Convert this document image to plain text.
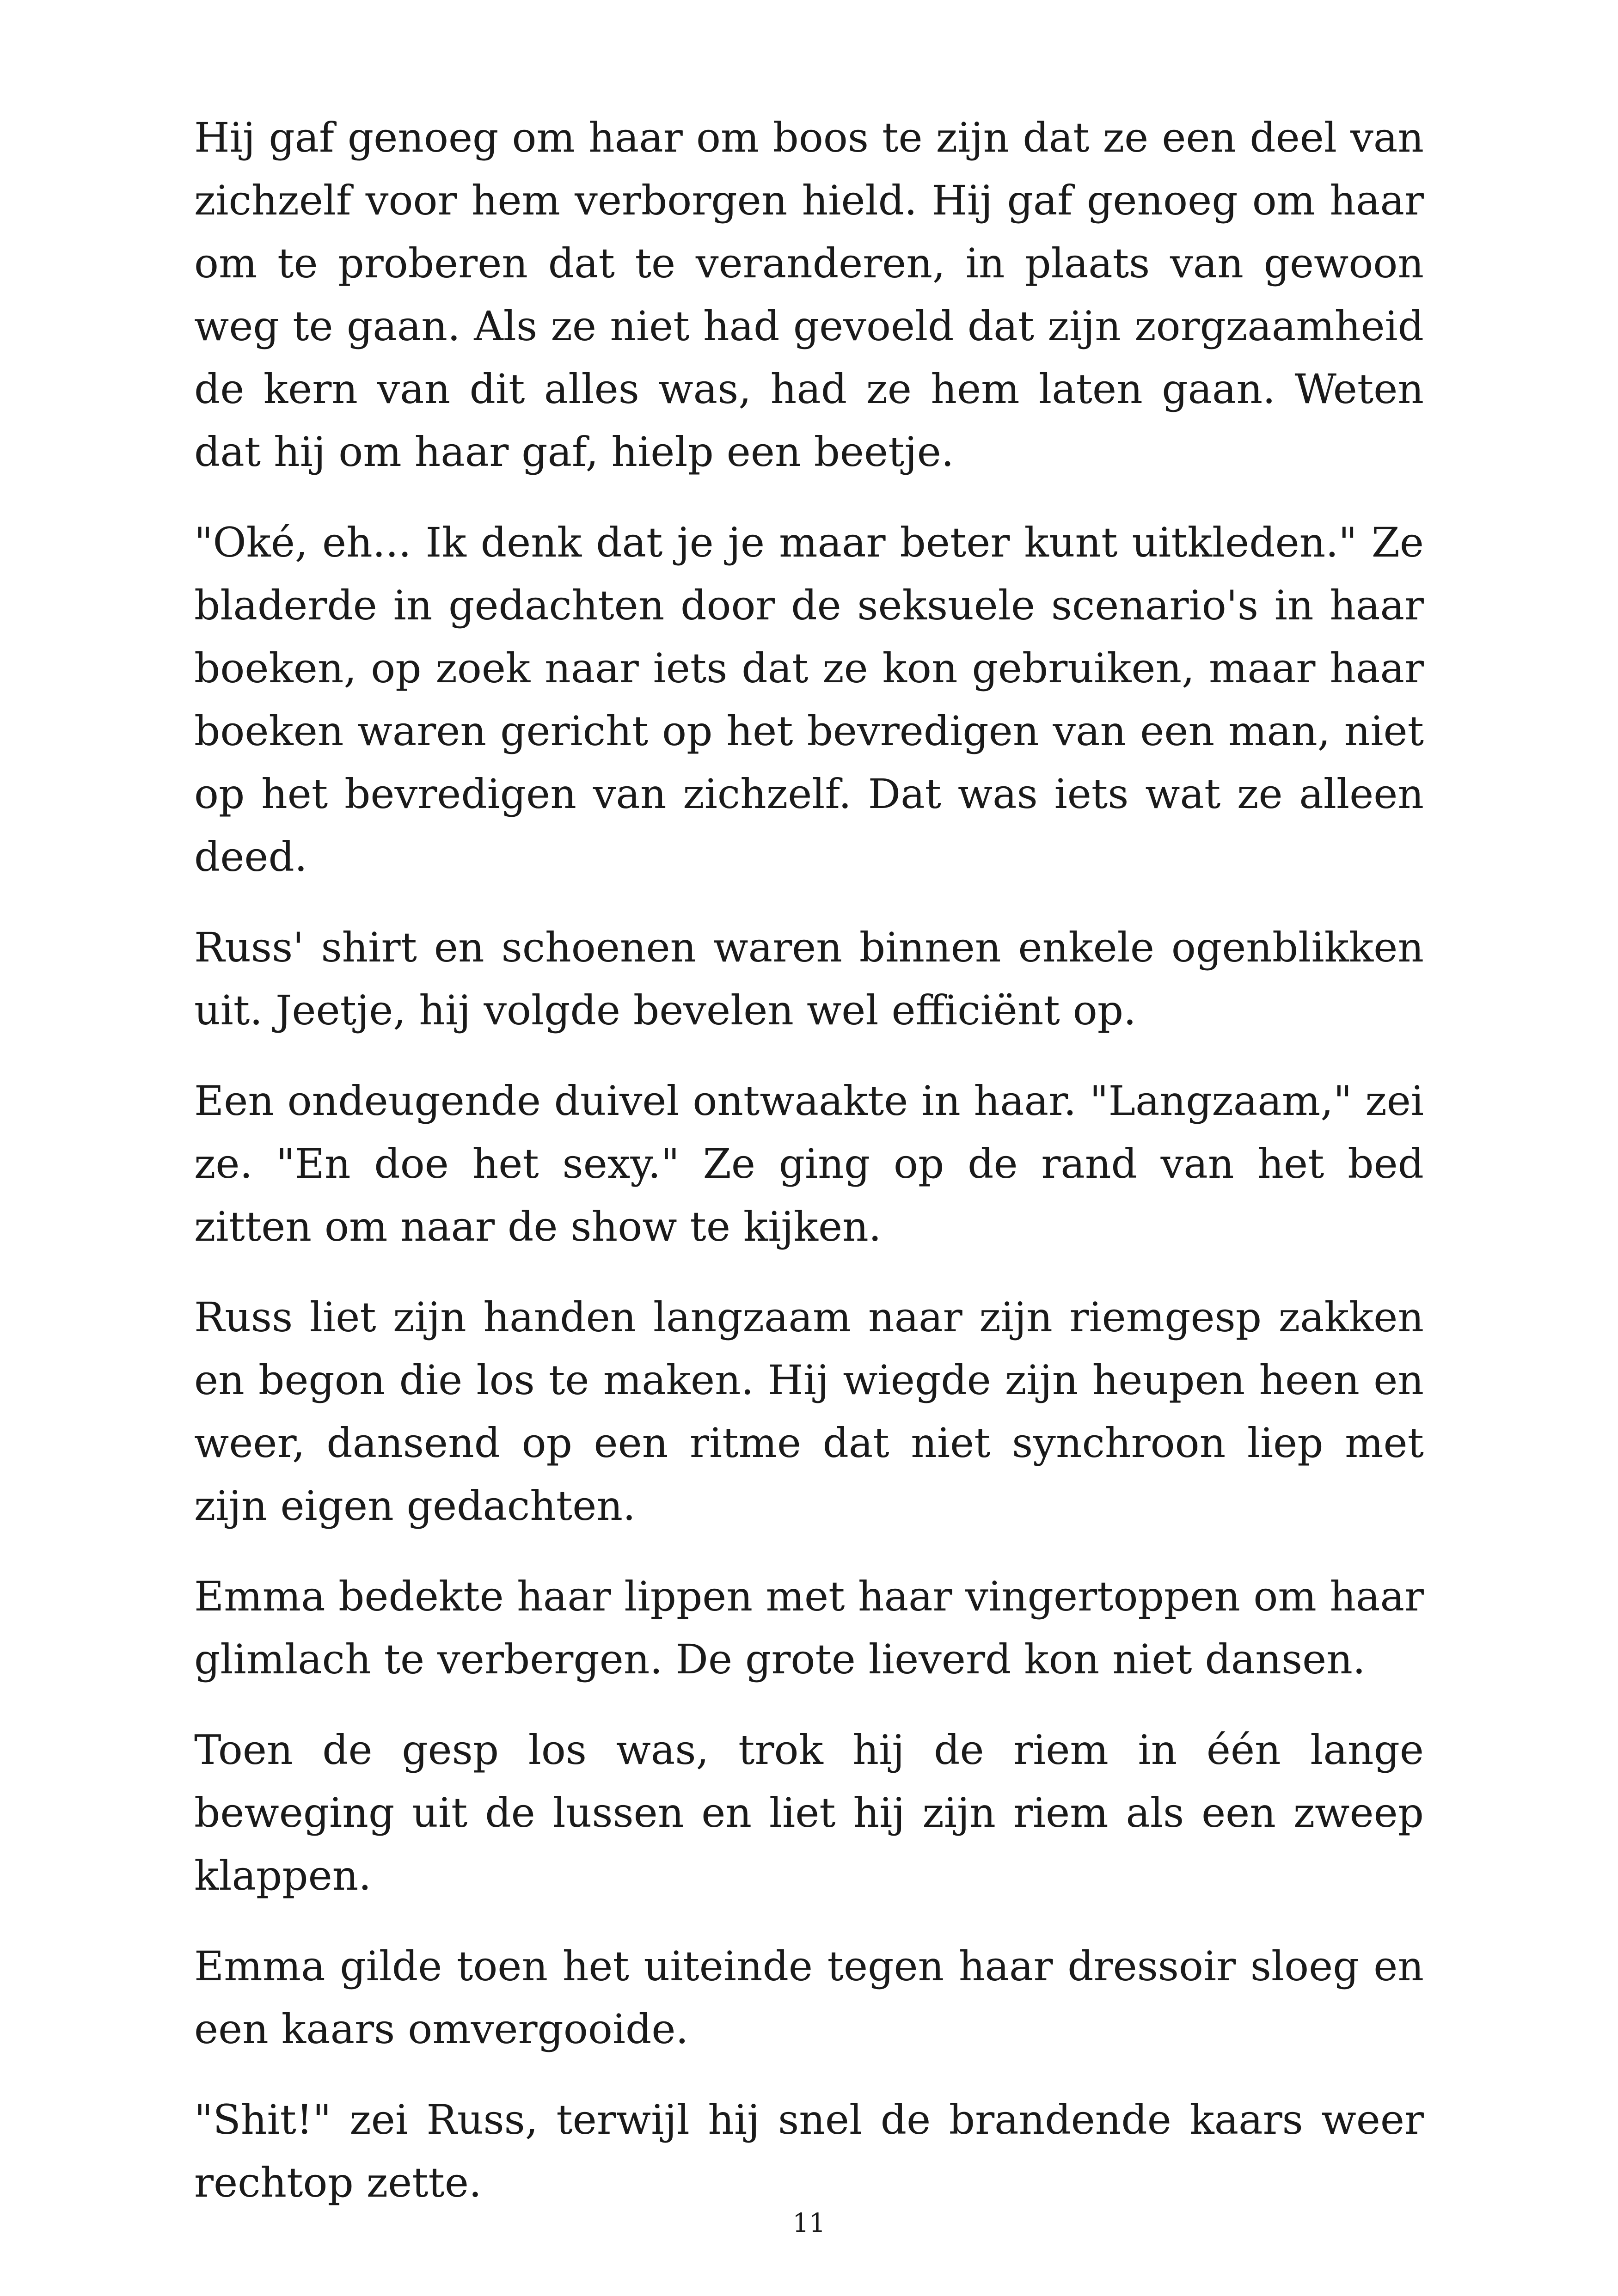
Hij gaf genoeg om haar om boos te zijn dat ze een deel van zichzelf voor hem verborgen hield. Hij gaf genoeg om haar om te proberen dat te veranderen, in plaats van gewoon weg te gaan. Als ze niet had gevoeld dat zijn zorgzaamheid de kern van dit alles was, had ze hem laten gaan. Weten dat hij om haar gaf, hielp een beetje.

"Oké, eh... Ik denk dat je je maar beter kunt uitkleden." Ze bladerde in gedachten door de seksuele scenario's in haar boeken, op zoek naar iets dat ze kon gebruiken, maar haar boeken waren gericht op het bevredigen van een man, niet op het bevredigen van zichzelf. Dat was iets wat ze alleen deed.

Russ' shirt en schoenen waren binnen enkele ogenblikken uit. Jeetje, hij volgde bevelen wel efficiënt op.

Een ondeugende duivel ontwaakte in haar. "Langzaam," zei ze. "En doe het sexy." Ze ging op de rand van het bed zitten om naar de show te kijken.

Russ liet zijn handen langzaam naar zijn riemgesp zakken en begon die los te maken. Hij wiegde zijn heupen heen en weer, dansend op een ritme dat niet synchroon liep met zijn eigen gedachten.

Emma bedekte haar lippen met haar vingertoppen om haar glimlach te verbergen. De grote lieverd kon niet dansen.

Toen de gesp los was, trok hij de riem in één lange beweging uit de lussen en liet hij zijn riem als een zweep klappen.

Emma gilde toen het uiteinde tegen haar dressoir sloeg en een kaars omvergooide.

"Shit!" zei Russ, terwijl hij snel de brandende kaars weer rechtop zette.

11
